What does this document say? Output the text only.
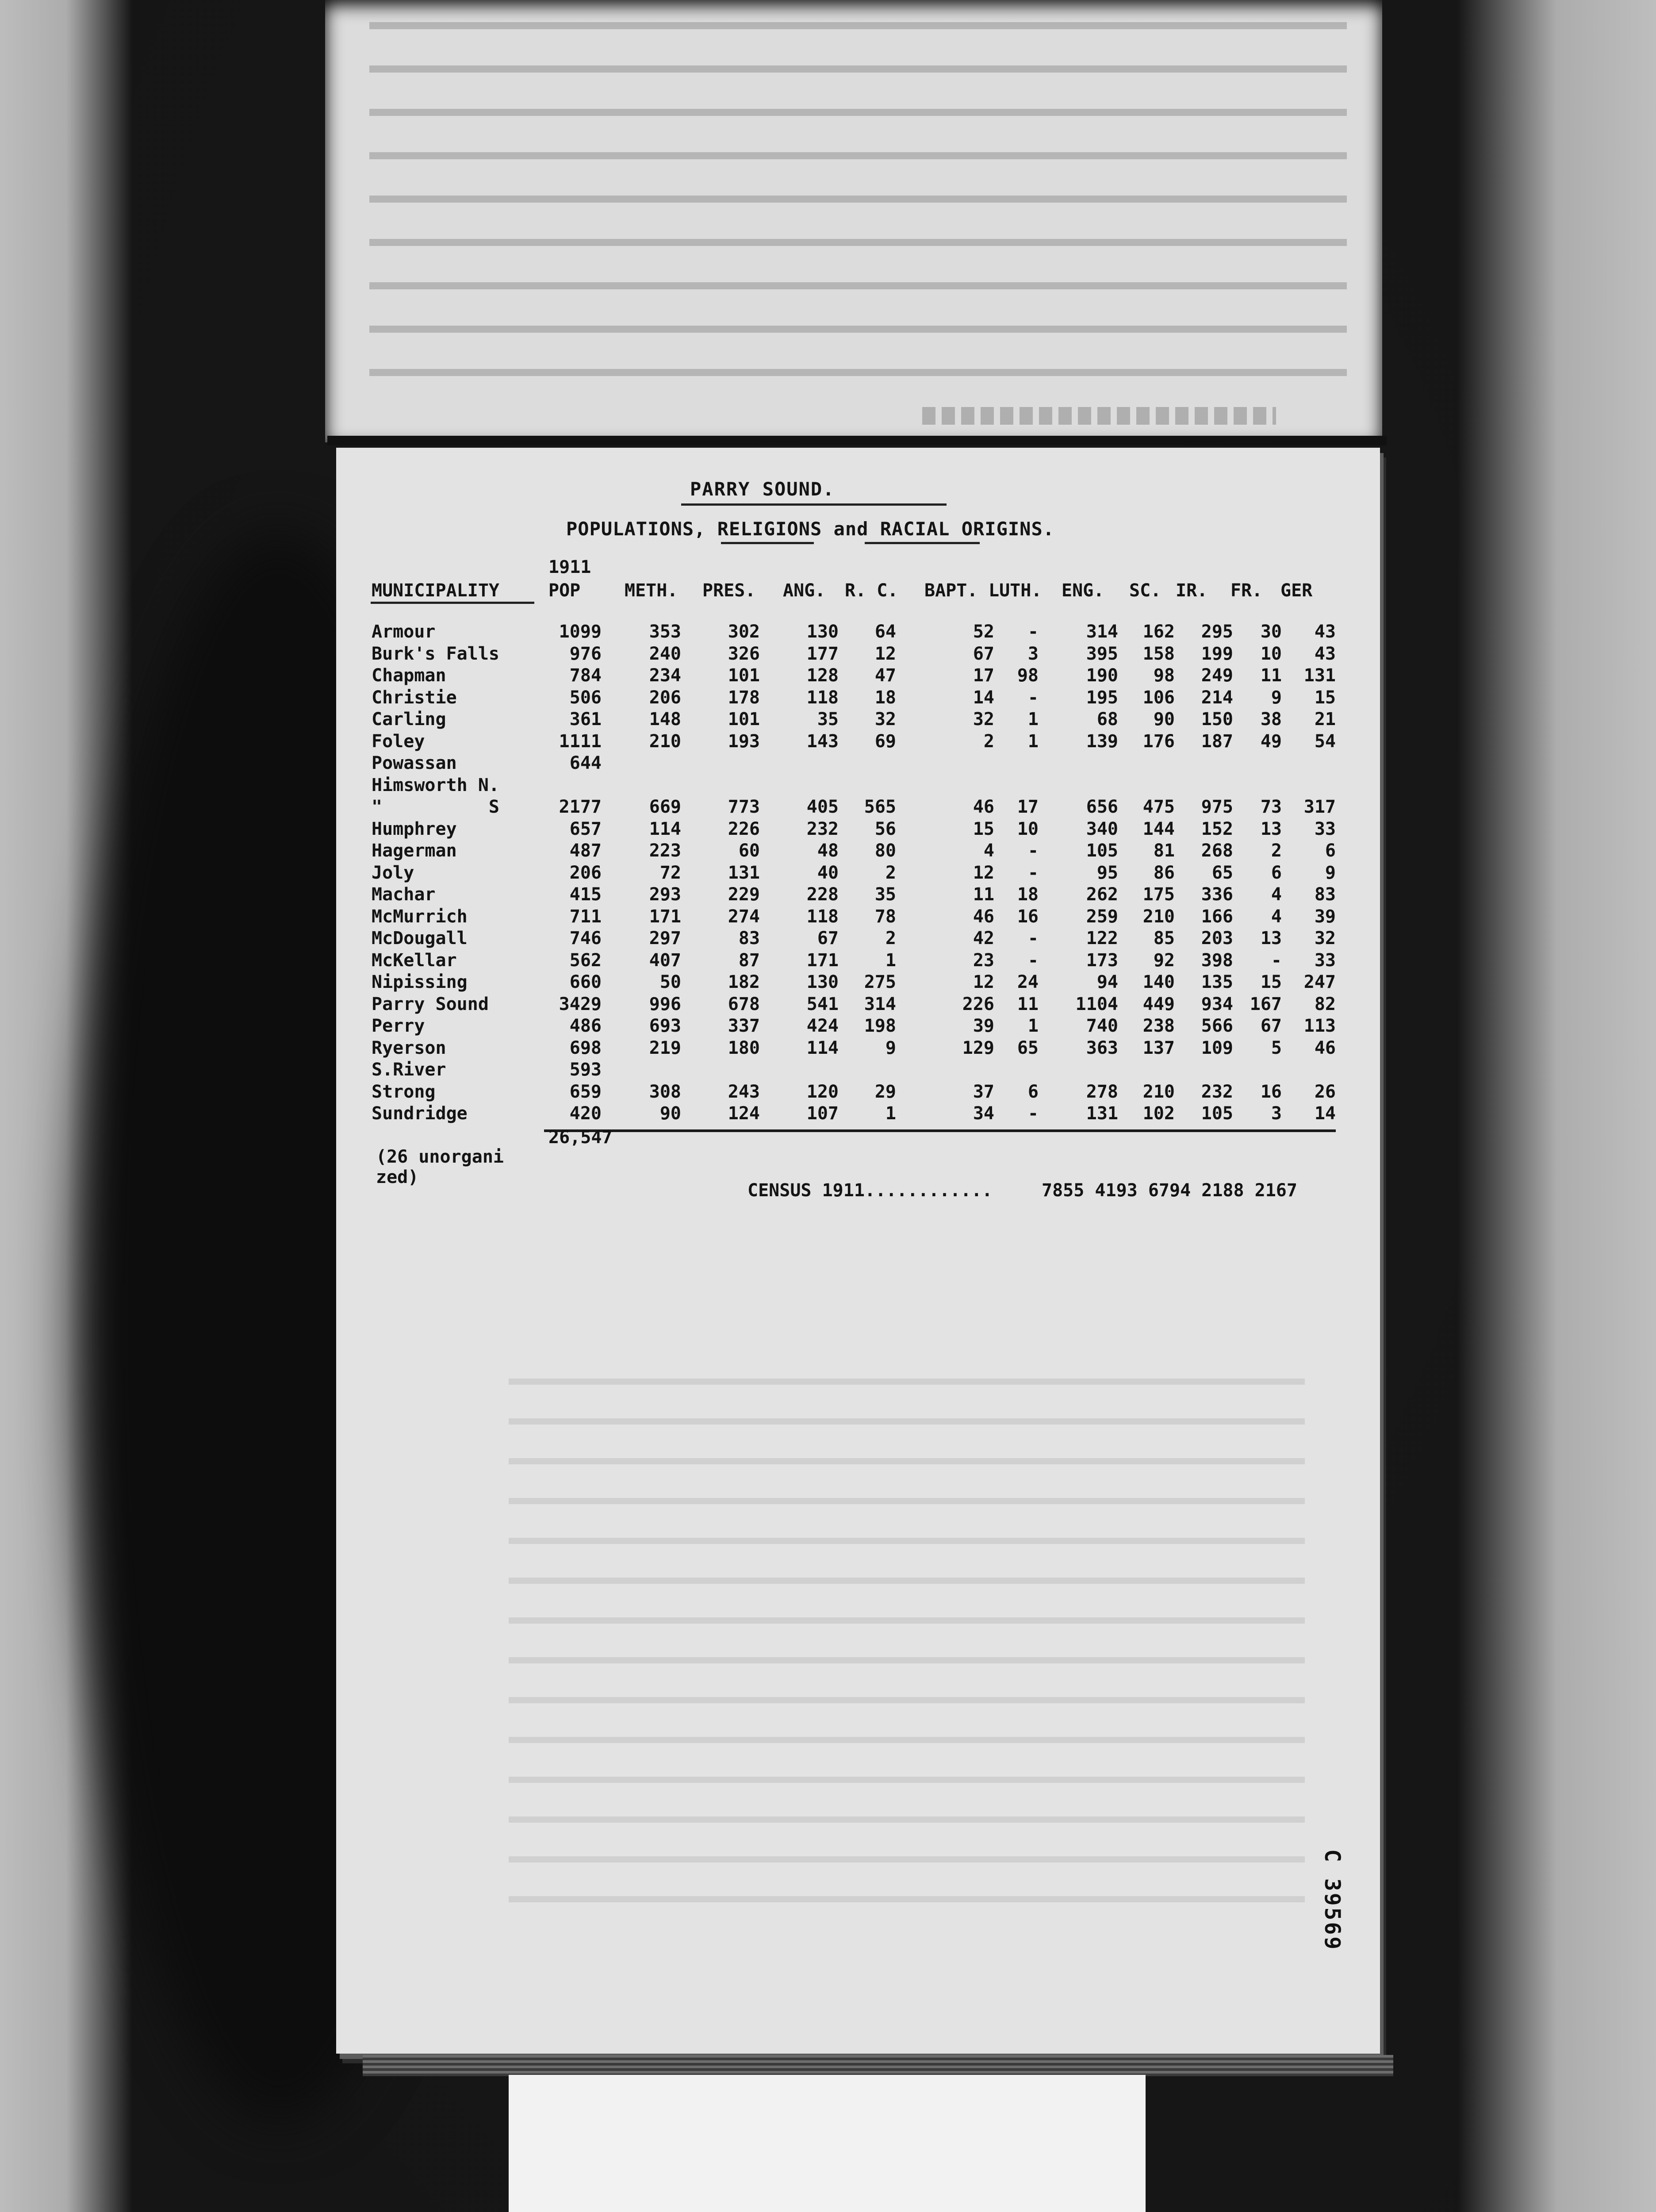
PARRY SOUND.
POPULATIONS, RELIGIONS and RACIAL ORIGINS.
1911
MUNICIPALITY	POP METH. PRES. ANG. R. C. BAPT. LUTH. ENG. SC. IR. FR. GER
Armour	1099	353	302	130	64	52	-	314	162	295	30	43
Burk's Falls	976	240	326	177	12	67	3	395	158	199	10	43
Chapman	784	234	101	128	47	17	98	190	98	249	11	131
Christie	506	206	178	118	18	14	-	195	106	214	9	15
Carling	361	148	101	35	32	32	1	68	90	150	38	21
Foley	1111	210	193	143	69	2	1	139	176	187	49	54
Powassan	644											
Himsworth N.												
"          S	2177	669	773	405	565	46	17	656	475	975	73	317
Humphrey	657	114	226	232	56	15	10	340	144	152	13	33
Hagerman	487	223	60	48	80	4	-	105	81	268	2	6
Joly	206	72	131	40	2	12	-	95	86	65	6	9
Machar	415	293	229	228	35	11	18	262	175	336	4	83
McMurrich	711	171	274	118	78	46	16	259	210	166	4	39
McDougall	746	297	83	67	2	42	-	122	85	203	13	32
McKellar	562	407	87	171	1	23	-	173	92	398	-	33
Nipissing	660	50	182	130	275	12	24	94	140	135	15	247
Parry Sound	3429	996	678	541	314	226	11	1104	449	934	167	82
Perry	486	693	337	424	198	39	1	740	238	566	67	113
Ryerson	698	219	180	114	9	129	65	363	137	109	5	46
S.River	593											
Strong	659	308	243	120	29	37	6	278	210	232	16	26
Sundridge	420	90	124	107	1	34	-	131	102	105	3	14
26,547
(26 unorgani
zed)
CENSUS 1911............	7855 4193 6794 2188 2167
C 39569
